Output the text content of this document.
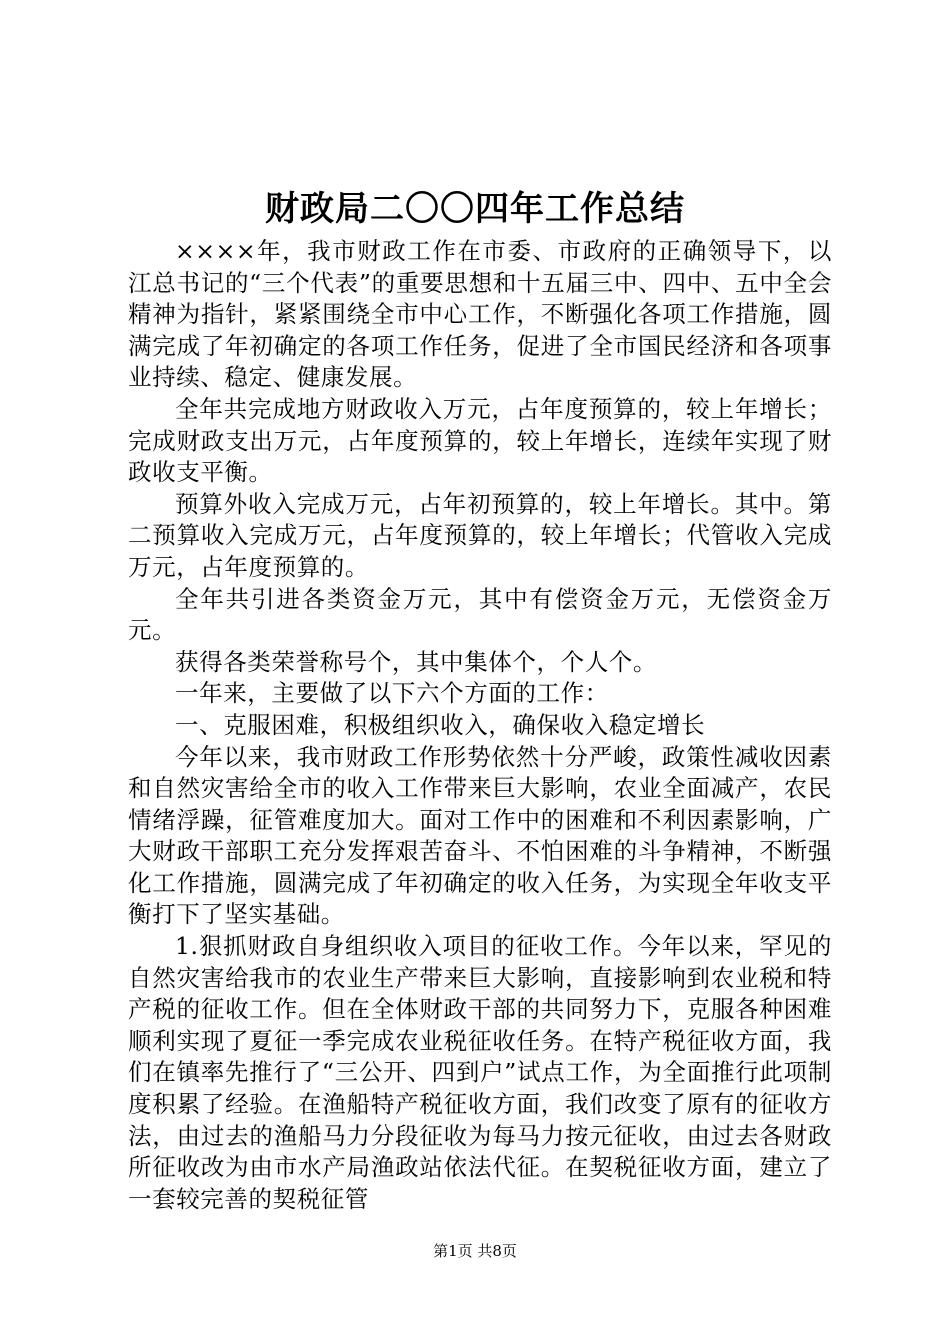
财政局二〇〇四年工作总结

××××年，我市财政工作在市委、市政府的正确领导下，以江总书记的“三个代表”的重要思想和十五届三中、四中、五中全会精神为指针，紧紧围绕全市中心工作，不断强化各项工作措施，圆满完成了年初确定的各项工作任务，促进了全市国民经济和各项事业持续、稳定、健康发展。

全年共完成地方财政收入万元，占年度预算的，较上年增长；完成财政支出万元，占年度预算的，较上年增长，连续年实现了财政收支平衡。

预算外收入完成万元，占年初预算的，较上年增长。其中。第二预算收入完成万元，占年度预算的，较上年增长；代管收入完成万元，占年度预算的。

全年共引进各类资金万元，其中有偿资金万元，无偿资金万元。

获得各类荣誉称号个，其中集体个，个人个。

一年来，主要做了以下六个方面的工作：

一、克服困难，积极组织收入，确保收入稳定增长

今年以来，我市财政工作形势依然十分严峻，政策性减收因素和自然灾害给全市的收入工作带来巨大影响，农业全面减产，农民情绪浮躁，征管难度加大。面对工作中的困难和不利因素影响，广大财政干部职工充分发挥艰苦奋斗、不怕困难的斗争精神，不断强化工作措施，圆满完成了年初确定的收入任务，为实现全年收支平衡打下了坚实基础。

1.狠抓财政自身组织收入项目的征收工作。今年以来，罕见的自然灾害给我市的农业生产带来巨大影响，直接影响到农业税和特产税的征收工作。但在全体财政干部的共同努力下，克服各种困难顺利实现了夏征一季完成农业税征收任务。在特产税征收方面，我们在镇率先推行了“三公开、四到户”试点工作，为全面推行此项制度积累了经验。在渔船特产税征收方面，我们改变了原有的征收方法，由过去的渔船马力分段征收为每马力按元征收，由过去各财政所征收改为由市水产局渔政站依法代征。在契税征收方面，建立了一套较完善的契税征管

第1页 共8页
